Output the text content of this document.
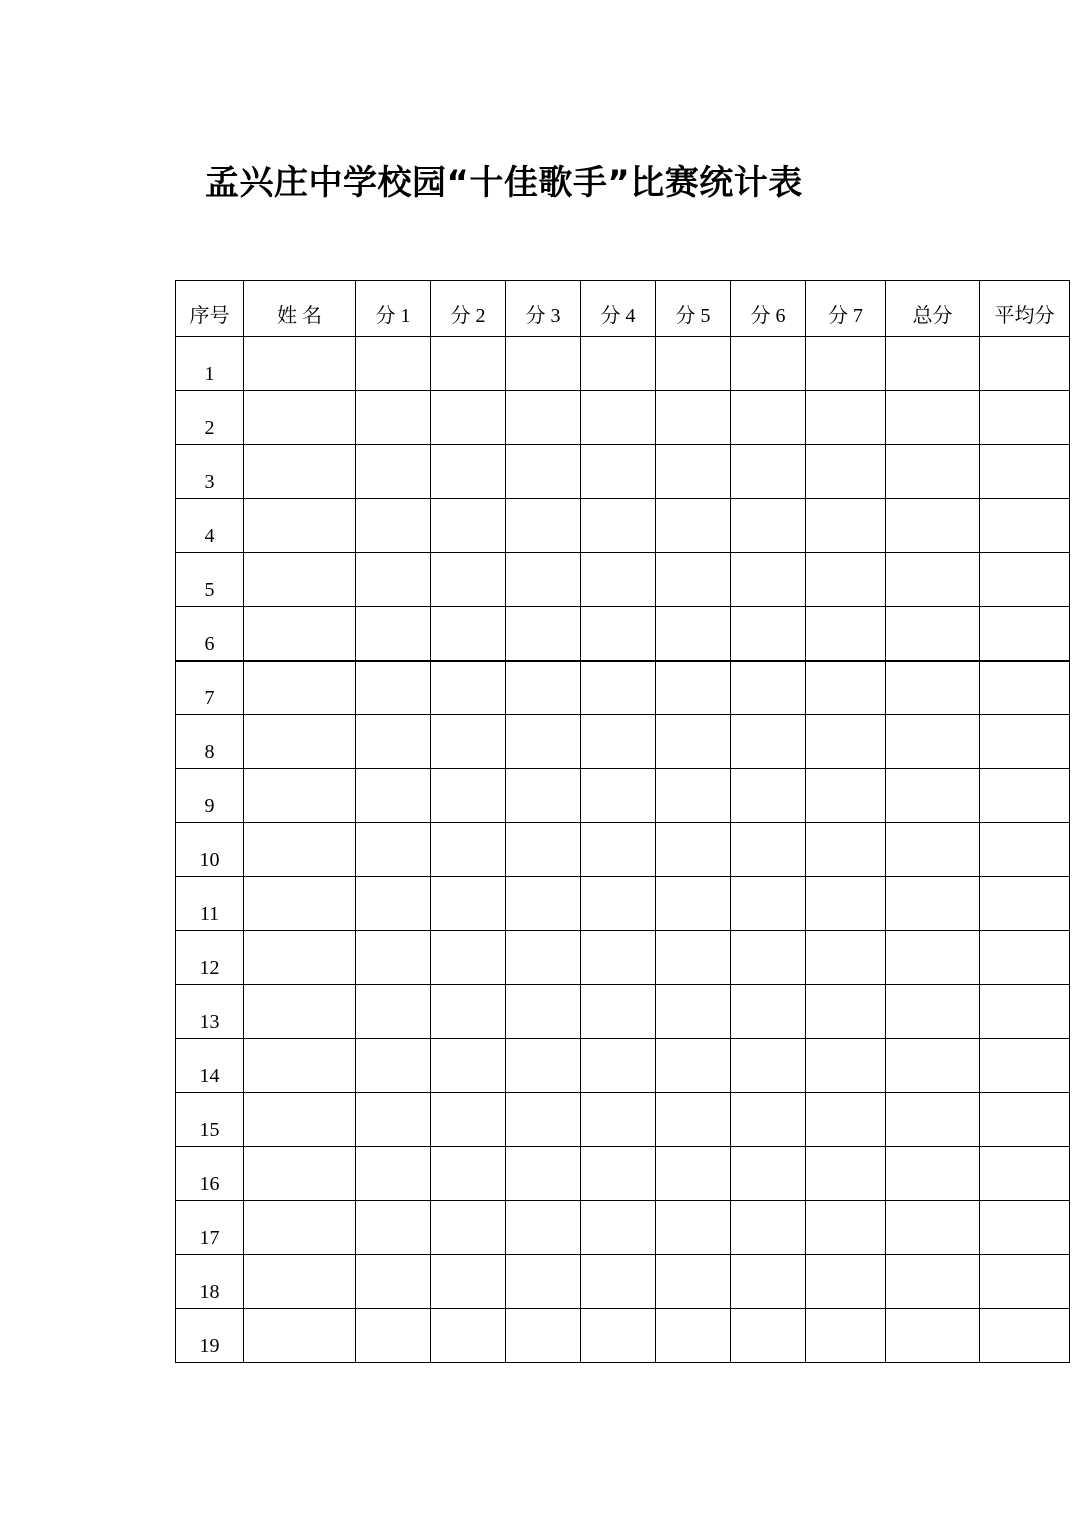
孟兴庄中学校园“十佳歌手”比赛统计表
序号	姓 名	分 1	分 2	分 3	分 4	分 5	分 6	分 7	总分	平均分
1										
2										
3										
4										
5										
6										
7										
8										
9										
10										
11										
12										
13										
14										
15										
16										
17										
18										
19										
